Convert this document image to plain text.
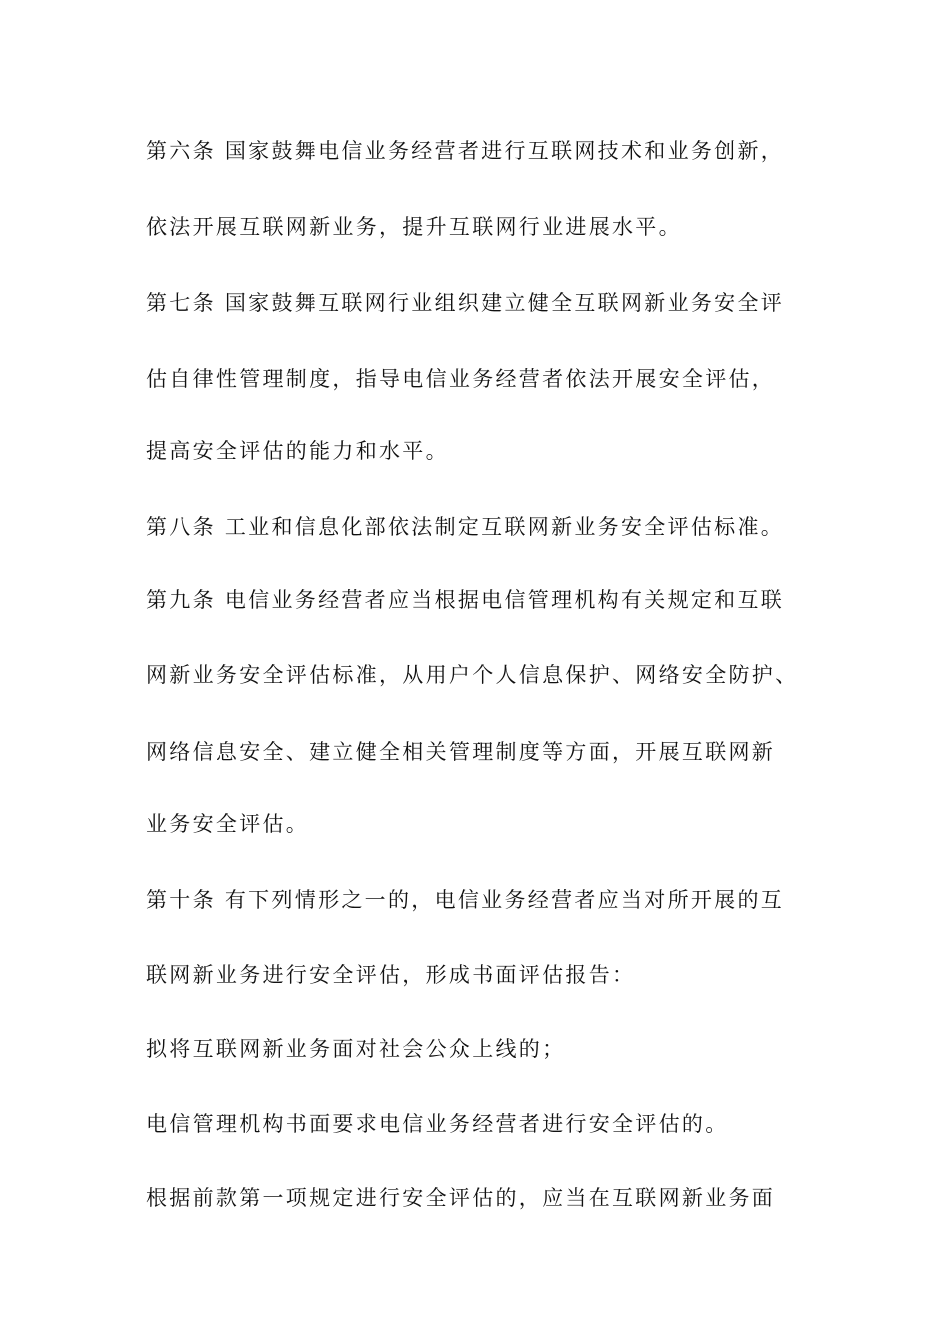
第六条 国家鼓舞电信业务经营者进行互联网技术和业务创新，

依法开展互联网新业务，提升互联网行业进展水平。

第七条 国家鼓舞互联网行业组织建立健全互联网新业务安全评

估自律性管理制度，指导电信业务经营者依法开展安全评估，

提高安全评估的能力和水平。

第八条 工业和信息化部依法制定互联网新业务安全评估标准。

第九条 电信业务经营者应当根据电信管理机构有关规定和互联

网新业务安全评估标准，从用户个人信息保护、网络安全防护、

网络信息安全、建立健全相关管理制度等方面，开展互联网新

业务安全评估。

第十条 有下列情形之一的，电信业务经营者应当对所开展的互

联网新业务进行安全评估，形成书面评估报告：

拟将互联网新业务面对社会公众上线的；

电信管理机构书面要求电信业务经营者进行安全评估的。

根据前款第一项规定进行安全评估的，应当在互联网新业务面
